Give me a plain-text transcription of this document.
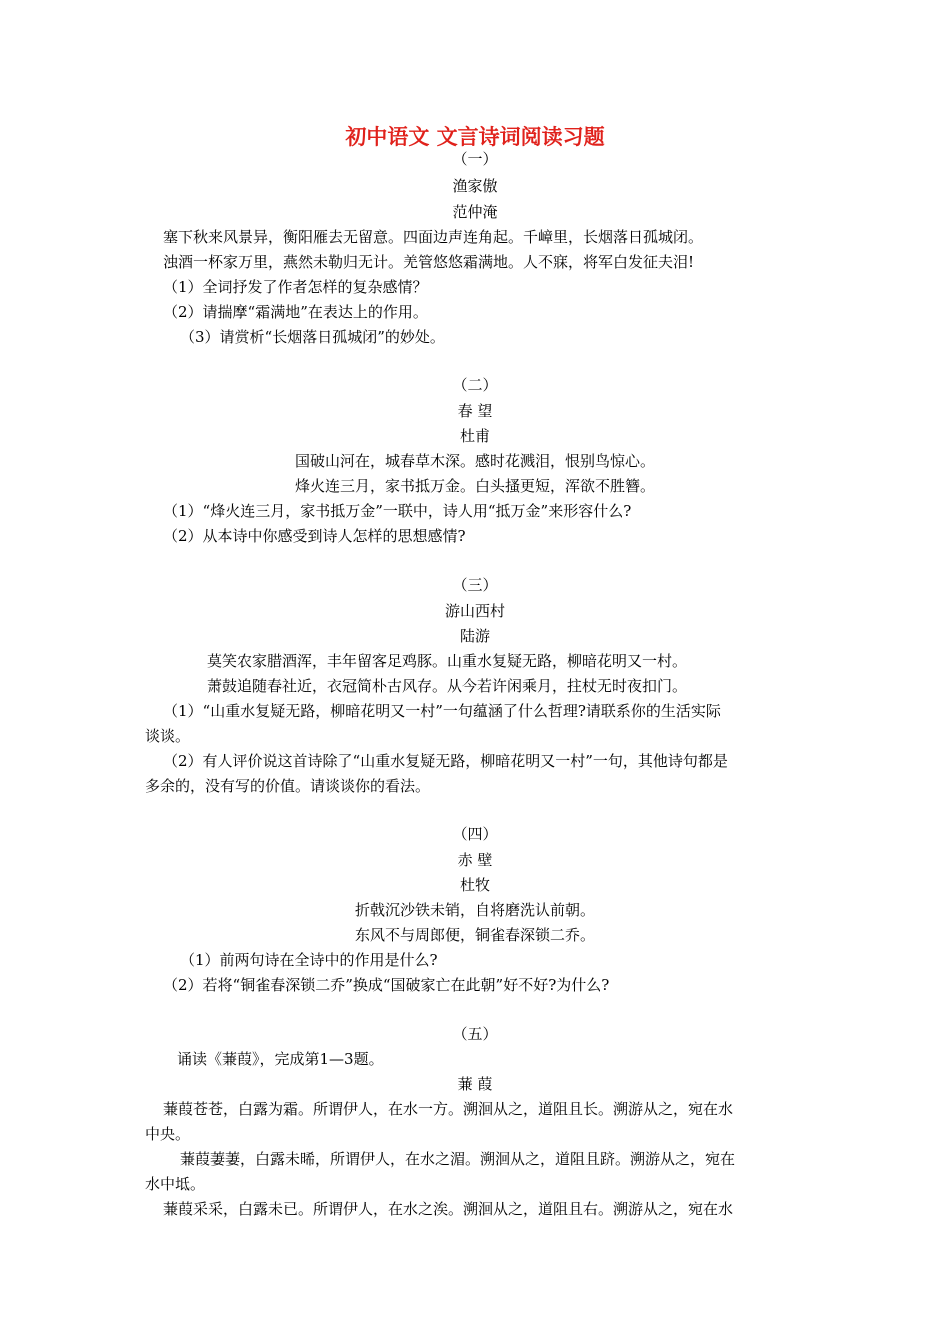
初中语文 文言诗词阅读习题
（一）
渔家傲
范仲淹
塞下秋来风景异，衡阳雁去无留意。四面边声连角起。千嶂里，长烟落日孤城闭。
浊酒一杯家万里，燕然未勒归无计。羌管悠悠霜满地。人不寐，将军白发征夫泪!
（1）全词抒发了作者怎样的复杂感情？
（2）请揣摩“霜满地”在表达上的作用。
（3）请赏析“长烟落日孤城闭”的妙处。
（二）
春 望
杜甫
国破山河在，城春草木深。感时花溅泪，恨别鸟惊心。
烽火连三月，家书抵万金。白头搔更短，浑欲不胜簪。
（1）“烽火连三月，家书抵万金”一联中，诗人用“抵万金”来形容什么?
（2）从本诗中你感受到诗人怎样的思想感情?
（三）
游山西村
陆游
莫笑农家腊酒浑，丰年留客足鸡豚。山重水复疑无路，柳暗花明又一村。
萧鼓追随春社近，衣冠简朴古风存。从今若许闲乘月，拄杖无时夜扣门。
（1）“山重水复疑无路，柳暗花明又一村”一句蕴涵了什么哲理?请联系你的生活实际
谈谈。
（2）有人评价说这首诗除了“山重水复疑无路，柳暗花明又一村”一句，其他诗句都是
多余的，没有写的价值。请谈谈你的看法。
（四）
赤 壁
杜牧
折戟沉沙铁未销，自将磨洗认前朝。
东风不与周郎便，铜雀春深锁二乔。
（1）前两句诗在全诗中的作用是什么?
（2）若将“铜雀春深锁二乔”换成“国破家亡在此朝”好不好?为什么?
（五）
诵读《蒹葭》，完成第1—3题。
蒹 葭
蒹葭苍苍，白露为霜。所谓伊人，在水一方。溯洄从之，道阻且长。溯游从之，宛在水
中央。
蒹葭萋萋，白露未晞，所谓伊人，在水之湄。溯洄从之，道阻且跻。溯游从之，宛在
水中坻。
蒹葭采采，白露未已。所谓伊人，在水之涘。溯洄从之，道阻且右。溯游从之，宛在水
